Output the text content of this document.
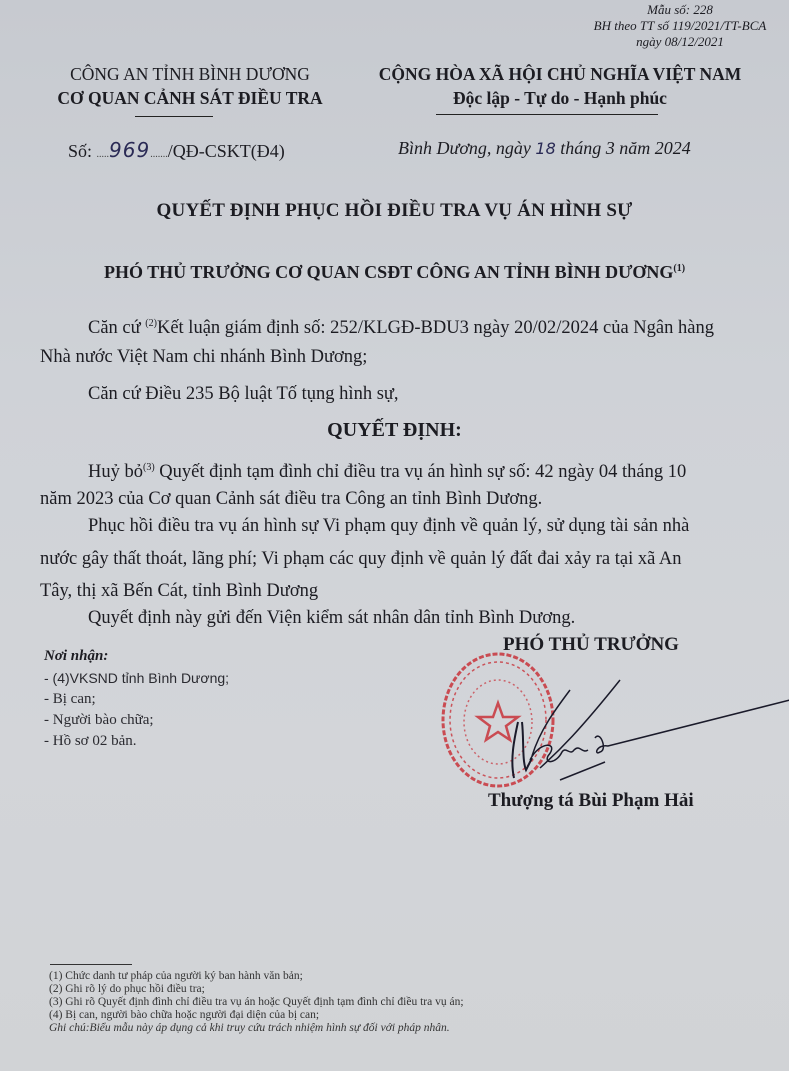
Mẫu số: 228
BH theo TT số 119/2021/TT-BCA
ngày 08/12/2021
CÔNG AN TỈNH BÌNH DƯƠNG
CƠ QUAN CẢNH SÁT ĐIỀU TRA
CỘNG HÒA XÃ HỘI CHỦ NGHĨA VIỆT NAM
Độc lập - Tự do - Hạnh phúc
Số: .....969......./QĐ-CSKT(Đ4)	Bình Dương, ngày 18 tháng 3 năm 2024
QUYẾT ĐỊNH PHỤC HỒI ĐIỀU TRA VỤ ÁN HÌNH SỰ
PHÓ THỦ TRƯỞNG CƠ QUAN CSĐT CÔNG AN TỈNH BÌNH DƯƠNG$^{(1)}$
Căn cứ $^{(2)}$Kết luận giám định số: 252/KLGĐ-BDU3 ngày 20/02/2024 của Ngân hàng
Nhà nước Việt Nam chi nhánh Bình Dương;
Căn cứ Điều 235 Bộ luật Tố tụng hình sự,
QUYẾT ĐỊNH:
Huỷ bỏ$^{(3)}$ Quyết định tạm đình chỉ điều tra vụ án hình sự số: 42 ngày 04 tháng 10
năm 2023 của Cơ quan Cảnh sát điều tra Công an tỉnh Bình Dương.
Phục hồi điều tra vụ án hình sự Vi phạm quy định về quản lý, sử dụng tài sản nhà
nước gây thất thoát, lãng phí; Vi phạm các quy định về quản lý đất đai xảy ra tại xã An
Tây, thị xã Bến Cát, tỉnh Bình Dương
Quyết định này gửi đến Viện kiểm sát nhân dân tỉnh Bình Dương.
Nơi nhận:
- (4)VKSND tỉnh Bình Dương;
- Bị can;
- Người bào chữa;
- Hồ sơ 02 bản.
PHÓ THỦ TRƯỞNG
Thượng tá Bùi Phạm Hải
(1) Chức danh tư pháp của người ký ban hành văn bản;
(2) Ghi rõ lý do phục hồi điều tra;
(3) Ghi rõ Quyết định đình chỉ điều tra vụ án hoặc Quyết định tạm đình chỉ điều tra vụ án;
(4) Bị can, người bào chữa hoặc người đại diện của bị can;
Ghi chú:Biểu mẫu này áp dụng cả khi truy cứu trách nhiệm hình sự đối với pháp nhân.
